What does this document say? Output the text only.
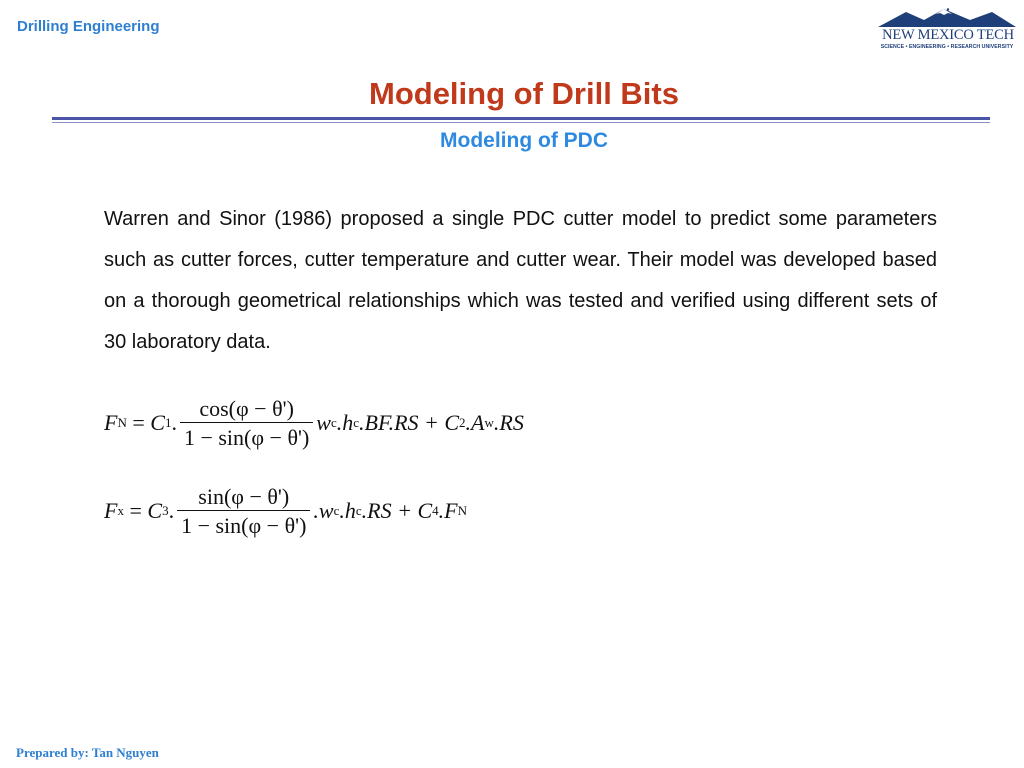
Drilling Engineering	NEW MEXICO TECH
SCIENCE • ENGINEERING • RESEARCH UNIVERSITY
Modeling of Drill Bits
Modeling of PDC
Warren and Sinor (1986) proposed a single PDC cutter model to predict some parameters such as cutter forces, cutter temperature and cutter wear. Their model was developed based on a thorough geometrical relationships which was tested and verified using different sets of 30 laboratory data.
F N = C 1 . $\frac{\cos(\varphi - \theta')}{1 - \sin(\varphi - \theta')}$ w c . h c .BF.RS + C 2 .A w .RS
F x = C 3 . $\frac{\sin(\varphi - \theta')}{1 - \sin(\varphi - \theta')}$ . w c . h c .RS + C 4 .F N
Prepared by: Tan Nguyen
